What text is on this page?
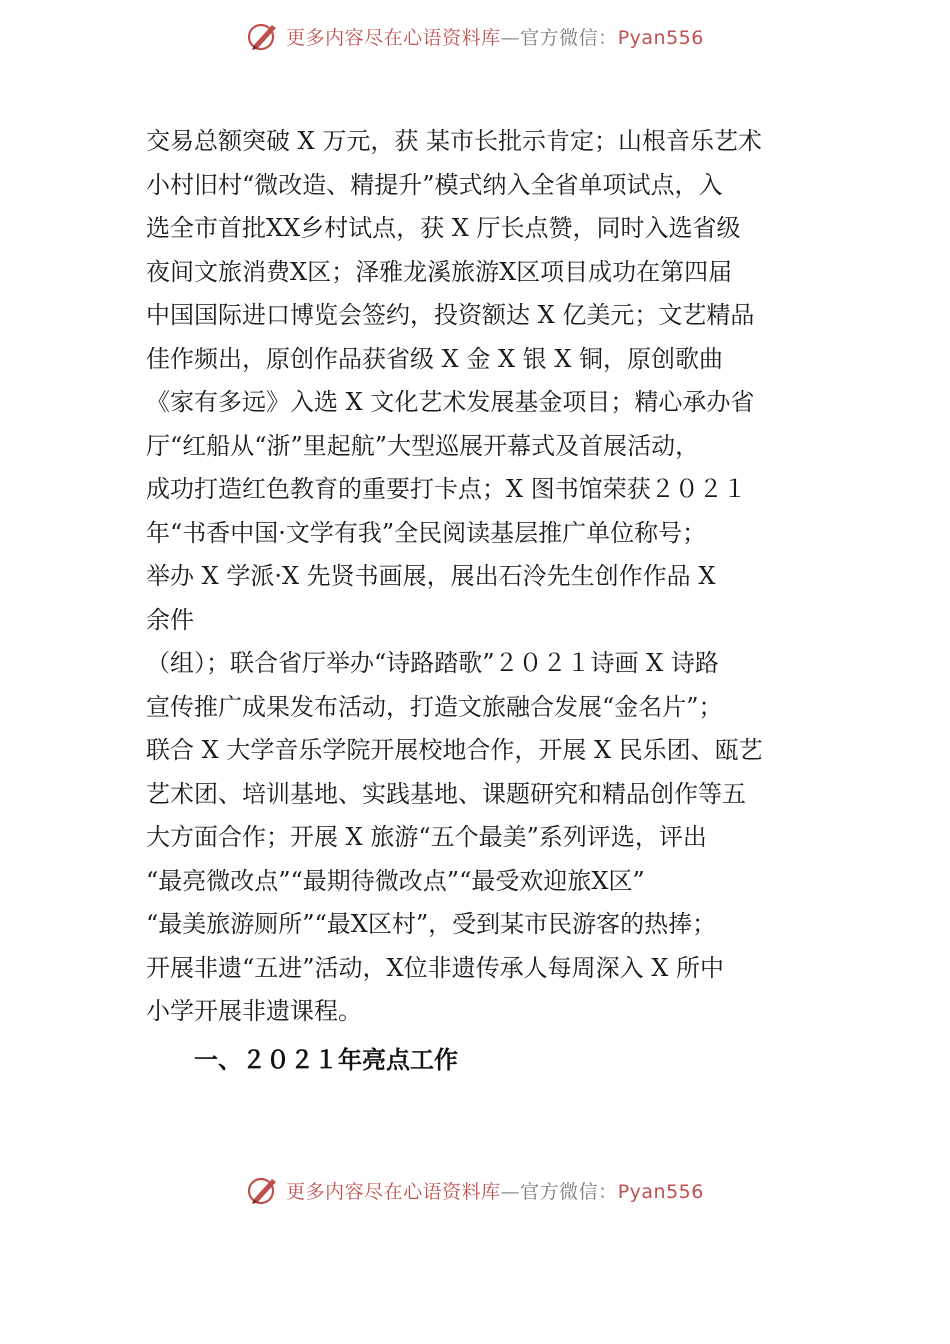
更多内容尽在心语资料库—官方微信：Pyan556
交易总额突破 X 万元，获 某市长批示肯定；山根音乐艺术
小村旧村“微改造、精提升”模式纳入全省单项试点，入
选全市首批XX乡村试点，获 X 厅长点赞，同时入选省级
夜间文旅消费X区；泽雅龙溪旅游X区项目成功在第四届
中国国际进口博览会签约，投资额达 X 亿美元；文艺精品
佳作频出，原创作品获省级 X 金 X 银 X 铜，原创歌曲
《家有多远》入选 X 文化艺术发展基金项目；精心承办省
厅“红船从“浙”里起航”大型巡展开幕式及首展活动，
成功打造红色教育的重要打卡点；X 图书馆荣获２０２１
年“书香中国·文学有我”全民阅读基层推广单位称号；
举办 X 学派·X 先贤书画展，展出石泠先生创作作品 X
余件
（组）；联合省厅举办“诗路踏歌”２０２１诗画 X 诗路
宣传推广成果发布活动，打造文旅融合发展“金名片”；
联合 X 大学音乐学院开展校地合作，开展 X 民乐团、瓯艺
艺术团、培训基地、实践基地、课题研究和精品创作等五
大方面合作；开展 X 旅游“五个最美”系列评选，评出
“最亮微改点”“最期待微改点”“最受欢迎旅X区”
“最美旅游厕所”“最X区村”，受到某市民游客的热捧；
开展非遗“五进”活动，X位非遗传承人每周深入 X 所中
小学开展非遗课程。
一、２０２１年亮点工作
更多内容尽在心语资料库—官方微信：Pyan556
